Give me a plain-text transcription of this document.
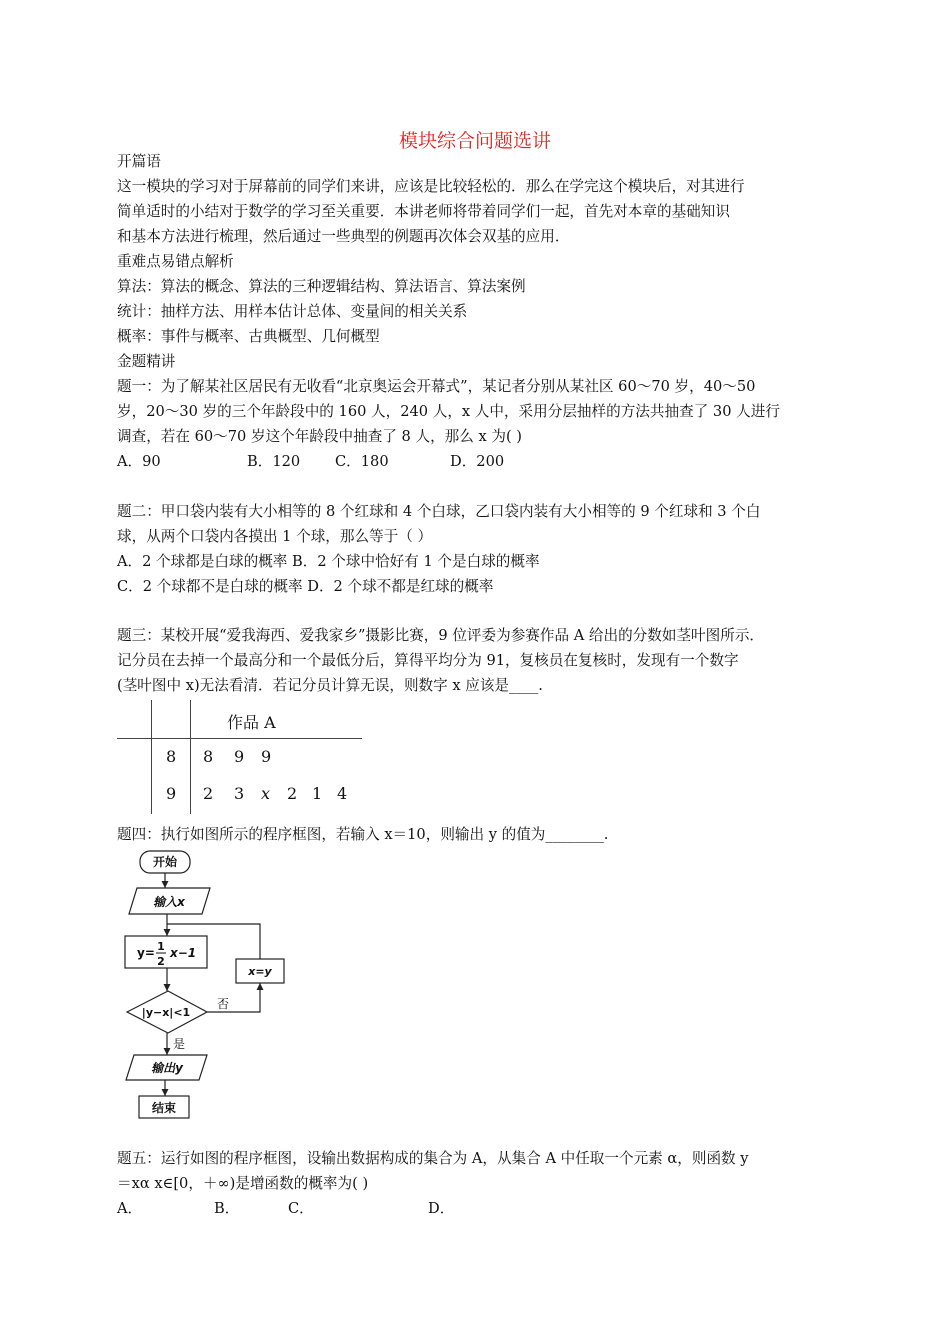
模块综合问题选讲
开篇语
这一模块的学习对于屏幕前的同学们来讲，应该是比较轻松的．那么在学完这个模块后，对其进行
简单适时的小结对于数学的学习至关重要．本讲老师将带着同学们一起，首先对本章的基础知识
和基本方法进行梳理，然后通过一些典型的例题再次体会双基的应用．
重难点易错点解析
算法：算法的概念、算法的三种逻辑结构、算法语言、算法案例
统计：抽样方法、用样本估计总体、变量间的相关关系
概率：事件与概率、古典概型、几何概型
金题精讲
题一：为了解某社区居民有无收看“北京奥运会开幕式”，某记者分别从某社区 60～70 岁，40～50
岁，20～30 岁的三个年龄段中的 160 人，240 人，x 人中，采用分层抽样的方法共抽查了 30 人进行
调查，若在 60～70 岁这个年龄段中抽查了 8 人，那么 x 为( )
A．90	B．120 C．180	D．200
题二：甲口袋内装有大小相等的 8 个红球和 4 个白球，乙口袋内装有大小相等的 9 个红球和 3 个白
球，从两个口袋内各摸出 1 个球，那么等于（ ）
A．2 个球都是白球的概率 B．2 个球中恰好有 1 个是白球的概率
C．2 个球都不是白球的概率 D．2 个球不都是红球的概率
题三：某校开展“爱我海西、爱我家乡”摄影比赛，9 位评委为参赛作品 A 给出的分数如茎叶图所示．
记分员在去掉一个最高分和一个最低分后，算得平均分为 91，复核员在复核时，发现有一个数字
(茎叶图中 x)无法看清．若记分员计算无误，则数字 x 应该是____.
作品 A
8 8 9 9
9 2 3 x 2 1 4
题四：执行如图所示的程序框图，若输入 x＝10，则输出 y 的值为________.
开始
输入x
y= 1
2
x−1
|y−x|<1
x=y
否
是
输出y
结束
题五：运行如图的程序框图，设输出数据构成的集合为 A，从集合 A 中任取一个元素 α，则函数 y
＝xα x∈[0，＋∞)是增函数的概率为( )
A．	B．	C．	D．
